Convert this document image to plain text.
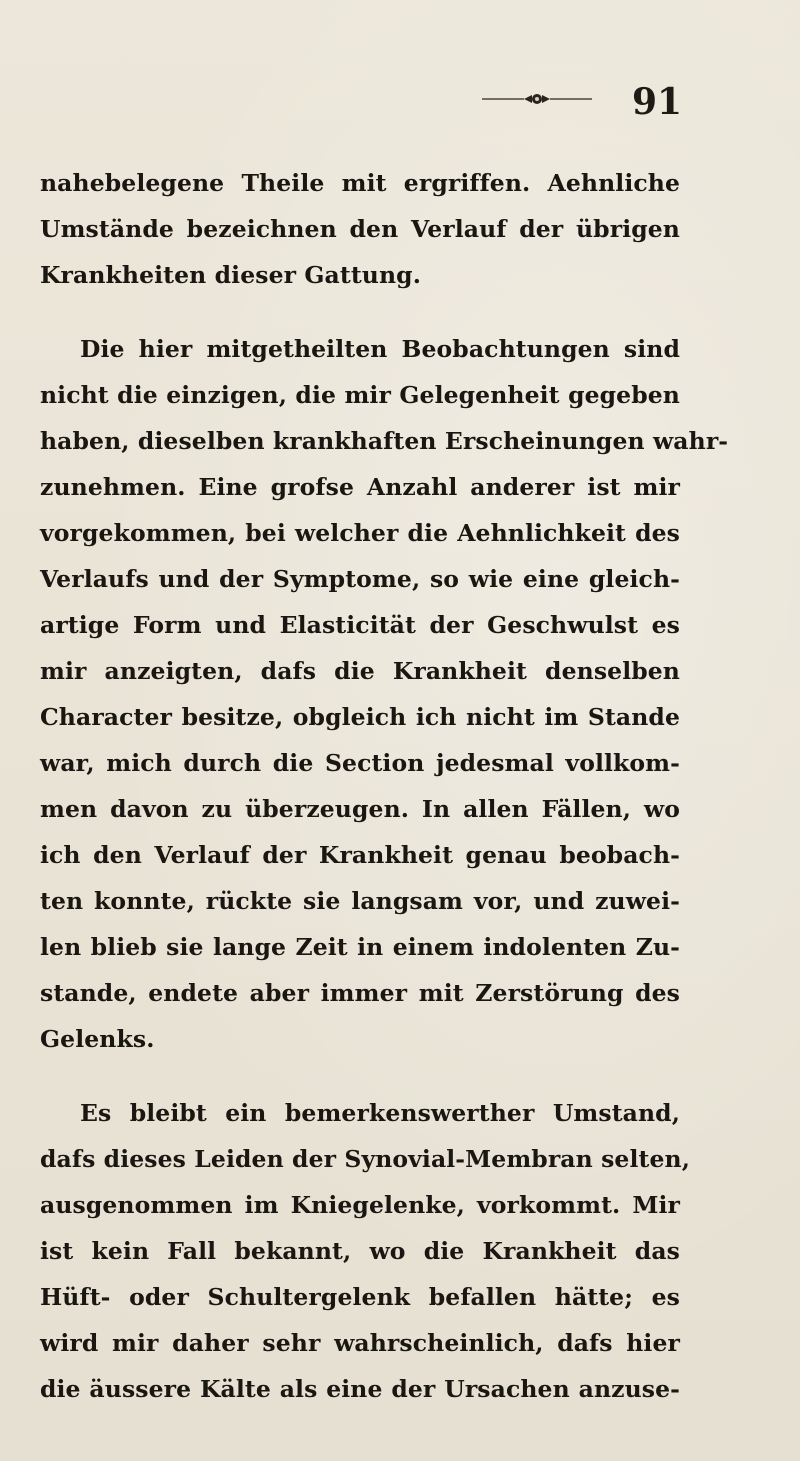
91
nahebelegene Theile mit ergriffen. Aehnliche
Umstände bezeichnen den Verlauf der übrigen
Krankheiten dieser Gattung.
Die hier mitgetheilten Beobachtungen sind
nicht die einzigen, die mir Gelegenheit gegeben
haben, dieselben krankhaften Erscheinungen wahr-
zunehmen. Eine grofse Anzahl anderer ist mir
vorgekommen, bei welcher die Aehnlichkeit des
Verlaufs und der Symptome, so wie eine gleich-
artige Form und Elasticität der Geschwulst es
mir anzeigten, dafs die Krankheit denselben
Character besitze, obgleich ich nicht im Stande
war, mich durch die Section jedesmal vollkom-
men davon zu überzeugen. In allen Fällen, wo
ich den Verlauf der Krankheit genau beobach-
ten konnte, rückte sie langsam vor, und zuwei-
len blieb sie lange Zeit in einem indolenten Zu-
stande, endete aber immer mit Zerstörung des
Gelenks.
Es bleibt ein bemerkenswerther Umstand,
dafs dieses Leiden der Synovial-Membran selten,
ausgenommen im Kniegelenke, vorkommt. Mir
ist kein Fall bekannt, wo die Krankheit das
Hüft- oder Schultergelenk befallen hätte; es
wird mir daher sehr wahrscheinlich, dafs hier
die äussere Kälte als eine der Ursachen anzuse-
